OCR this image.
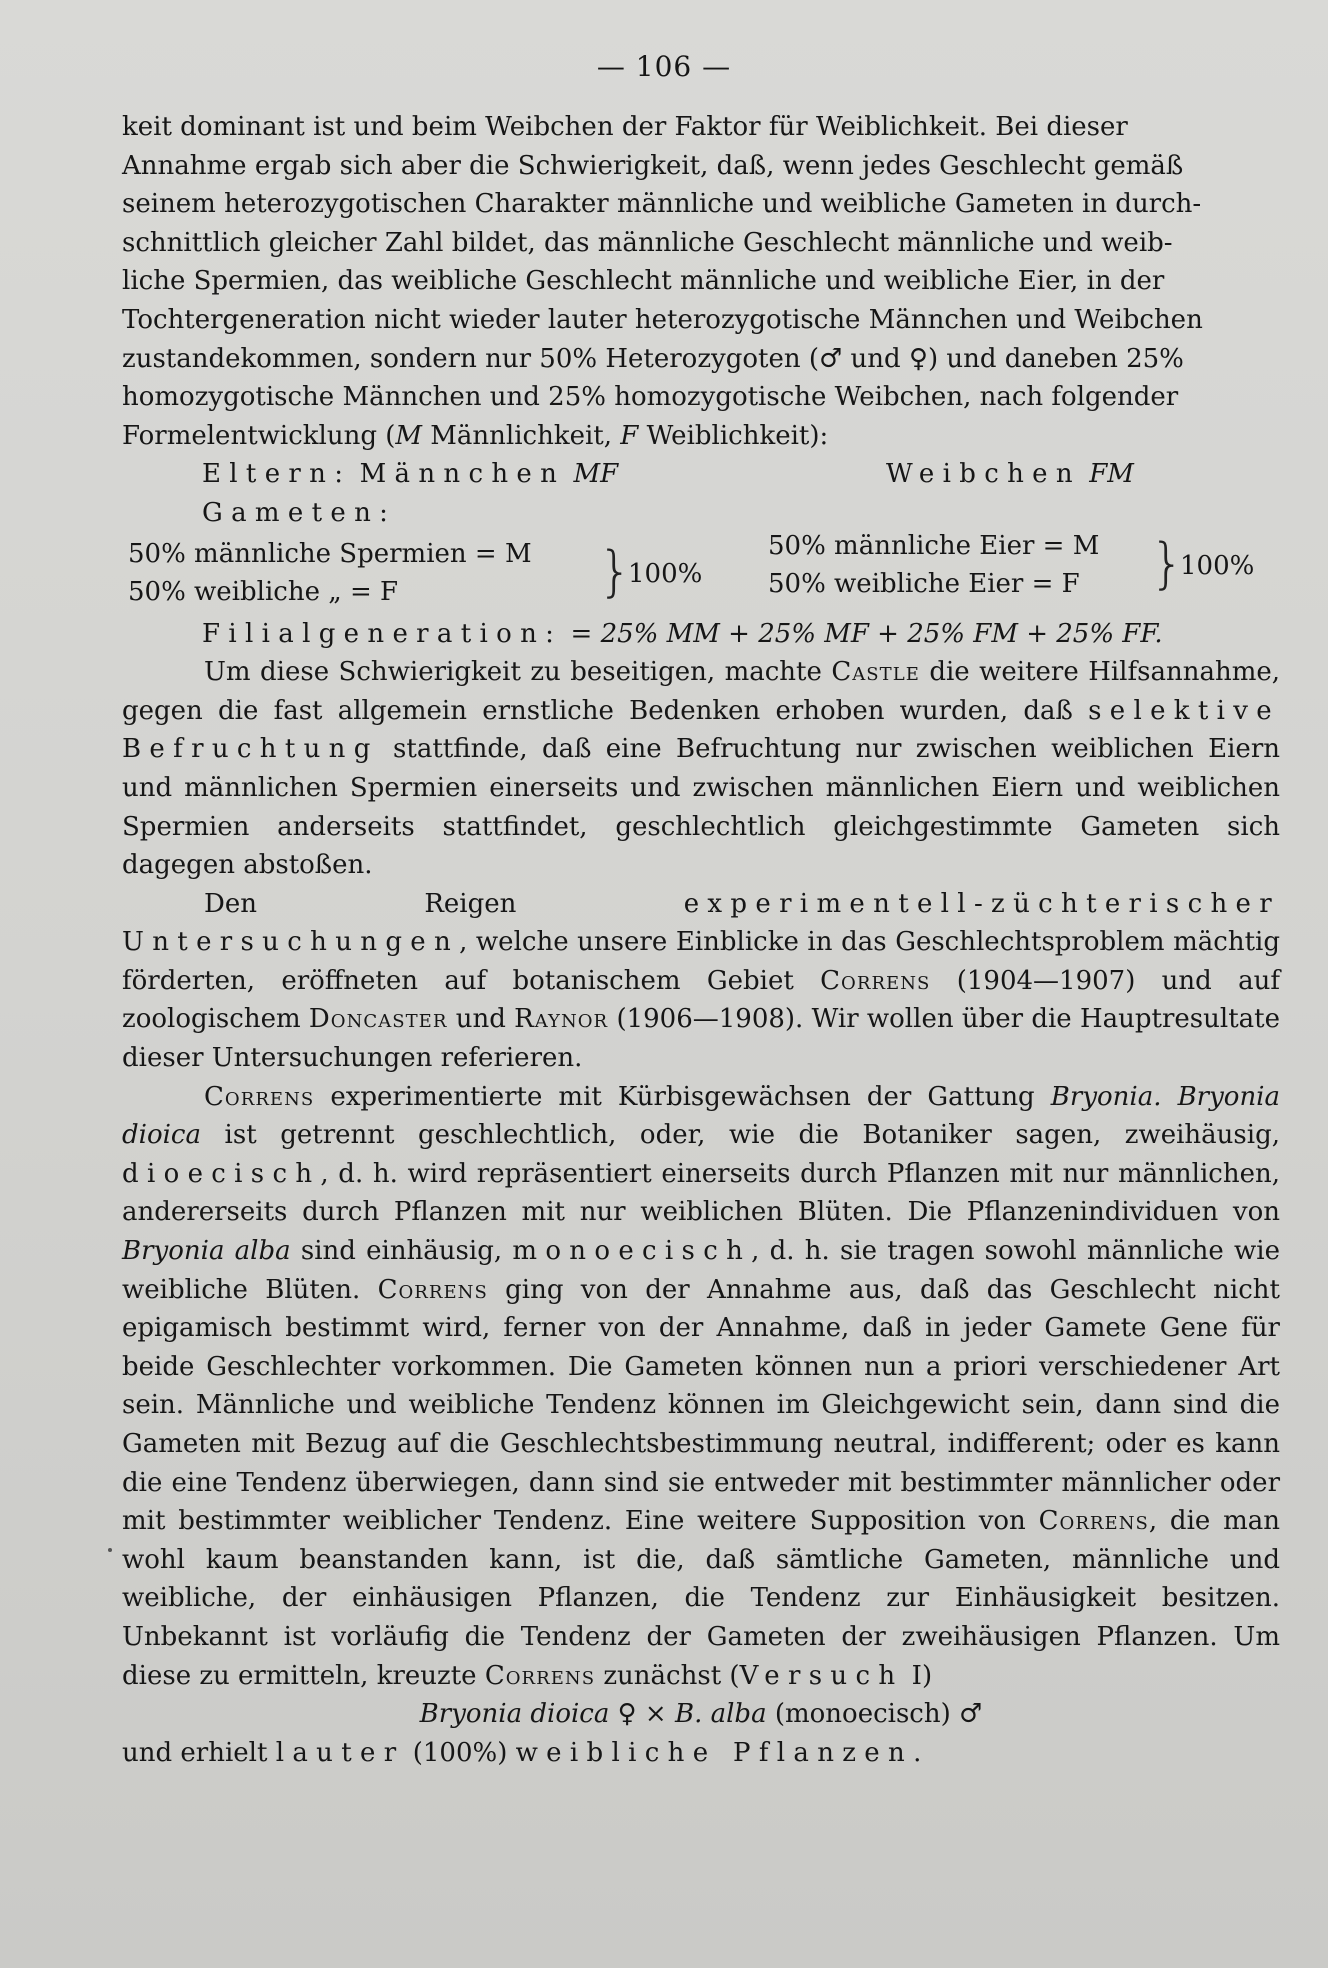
— 106 —
keit dominant ist und beim Weibchen der Faktor für Weiblichkeit. Bei dieser
Annahme ergab sich aber die Schwierigkeit, daß, wenn jedes Geschlecht gemäß
seinem heterozygotischen Charakter männliche und weibliche Gameten in durch-
schnittlich gleicher Zahl bildet, das männliche Geschlecht männliche und weib-
liche Spermien, das weibliche Geschlecht männliche und weibliche Eier, in der
Tochtergeneration nicht wieder lauter heterozygotische Männchen und Weibchen
zustandekommen, sondern nur 50% Heterozygoten (♂ und ♀) und daneben 25%
homozygotische Männchen und 25% homozygotische Weibchen, nach folgender
Formelentwicklung (M Männlichkeit, F Weiblichkeit):
Eltern: Männchen MF	Weibchen FM
Gameten:
50% männliche Spermien = M
50% weibliche „ = F	}
100%
50% männliche Eier = M
50% weibliche Eier = F }
100%
Filialgeneration: = 25% MM + 25% MF + 25% FM + 25% FF.

Um diese Schwierigkeit zu beseitigen, machte Castle die weitere Hilfsannahme, gegen die fast allgemein ernstliche Bedenken erhoben wurden, daß selektive Befruchtung stattfinde, daß eine Befruchtung nur zwischen weiblichen Eiern und männlichen Spermien einerseits und zwischen männlichen Eiern und weiblichen Spermien anderseits stattfindet, geschlechtlich gleichgestimmte Gameten sich dagegen abstoßen.

Den Reigen experimentell-züchterischer Untersuchungen, welche unsere Einblicke in das Geschlechtsproblem mächtig förderten, eröffneten auf botanischem Gebiet Correns (1904—1907) und auf zoologischem Doncaster und Raynor (1906—1908). Wir wollen über die Hauptresultate dieser Untersuchungen referieren.

Correns experimentierte mit Kürbisgewächsen der Gattung Bryonia. Bryonia dioica ist getrennt geschlechtlich, oder, wie die Botaniker sagen, zweihäusig, dioecisch, d. h. wird repräsentiert einerseits durch Pflanzen mit nur männlichen, andererseits durch Pflanzen mit nur weiblichen Blüten. Die Pflanzenindividuen von Bryonia alba sind einhäusig, monoecisch, d. h. sie tragen sowohl männliche wie weibliche Blüten. Correns ging von der Annahme aus, daß das Geschlecht nicht epigamisch bestimmt wird, ferner von der Annahme, daß in jeder Gamete Gene für beide Geschlechter vorkommen. Die Gameten können nun a priori verschiedener Art sein. Männliche und weibliche Tendenz können im Gleichgewicht sein, dann sind die Gameten mit Bezug auf die Geschlechtsbestimmung neutral, indifferent; oder es kann die eine Tendenz überwiegen, dann sind sie entweder mit bestimmter männlicher oder mit bestimmter weiblicher Tendenz. Eine weitere Supposition von Correns, die man wohl kaum beanstanden kann, ist die, daß sämtliche Gameten, männliche und weibliche, der einhäusigen Pflanzen, die Tendenz zur Einhäusigkeit besitzen. Unbekannt ist vorläufig die Tendenz der Gameten der zweihäusigen Pflanzen. Um diese zu ermitteln, kreuzte Correns zunächst (Versuch I)

Bryonia dioica ♀ × B. alba (monoecisch) ♂

und erhielt lauter (100%) weibliche Pflanzen.
